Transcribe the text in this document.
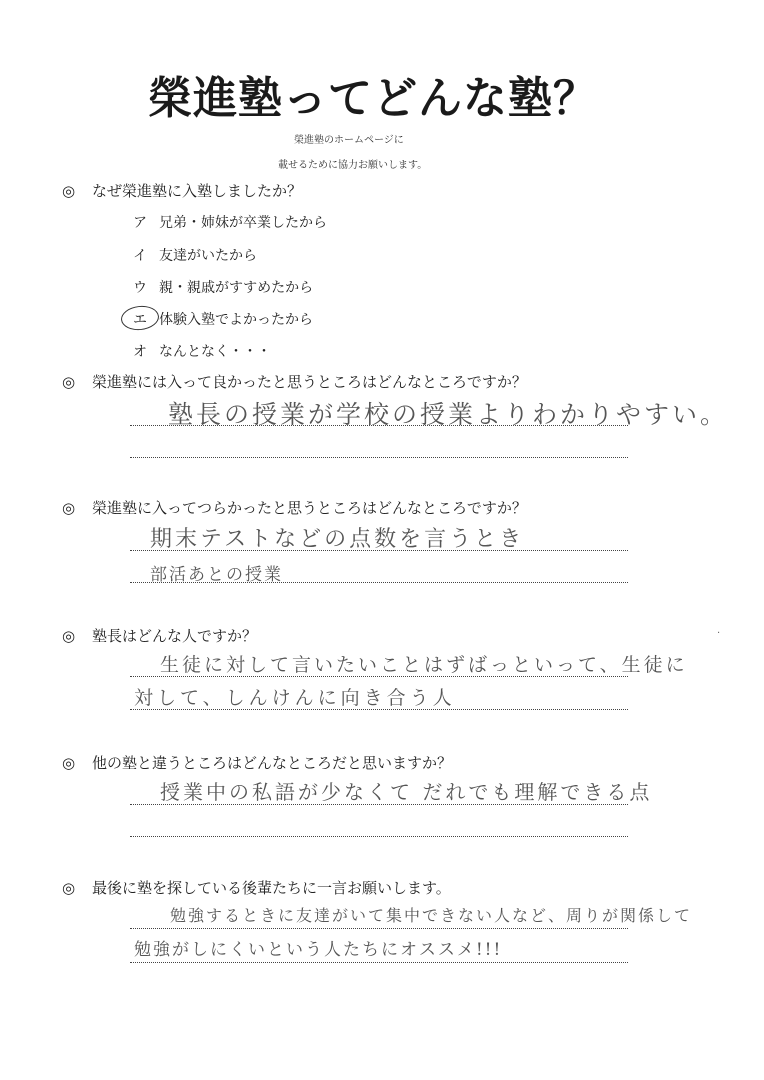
榮進塾ってどんな塾？
榮進塾のホームページに
載せるために協力お願いします。
◎ なぜ榮進塾に入塾しましたか？
ア 兄弟・姉妹が卒業したから
イ 友達がいたから
ウ 親・親戚がすすめたから
エ 体験入塾でよかったから
オ なんとなく・・・
◎ 榮進塾には入って良かったと思うところはどんなところですか？
塾長の授業が学校の授業よりわかりやすい。
◎ 榮進塾に入ってつらかったと思うところはどんなところですか？
期末テストなどの点数を言うとき
部活あとの授業
·
◎ 塾長はどんな人ですか？
生徒に対して言いたいことはずばっといって、生徒に
対して、しんけんに向き合う人
◎ 他の塾と違うところはどんなところだと思いますか？
授業中の私語が少なくて だれでも理解できる点
◎ 最後に塾を探している後輩たちに一言お願いします。
勉強するときに友達がいて集中できない人など、周りが関係して
勉強がしにくいという人たちにオススメ!!!
